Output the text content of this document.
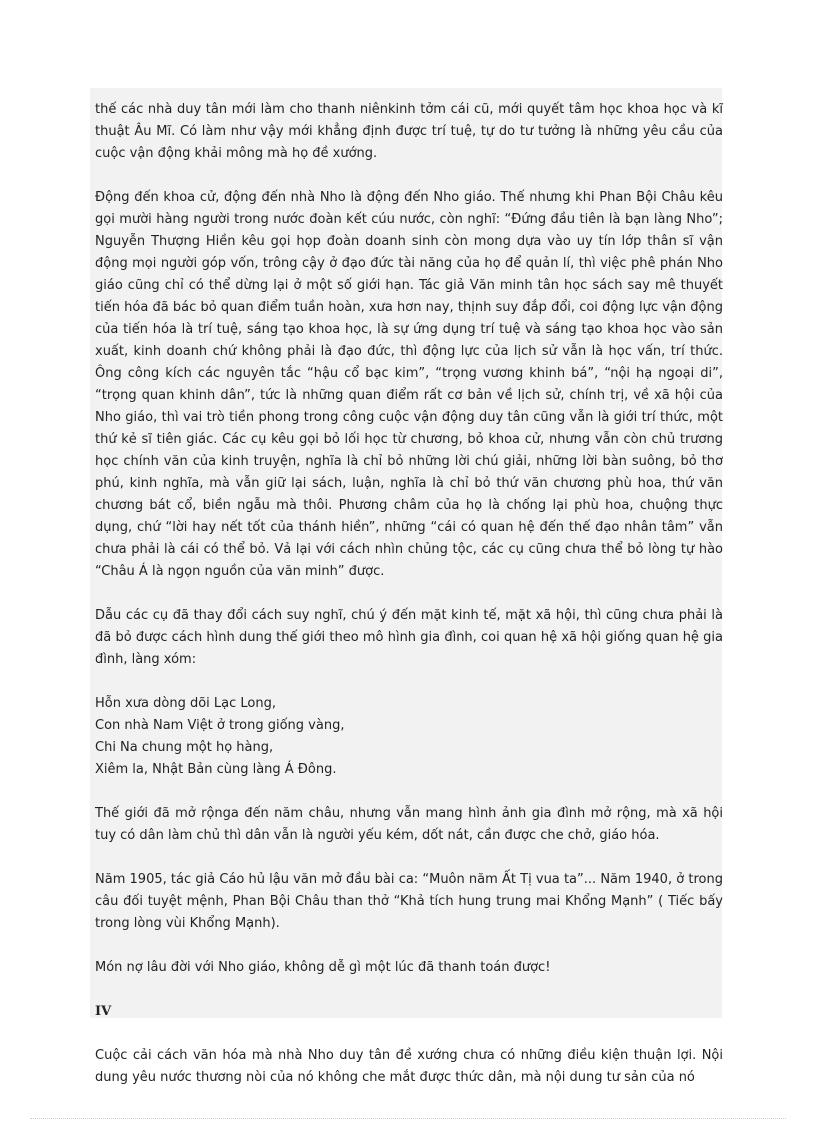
thế các nhà duy tân mới làm cho thanh niênkinh tởm cái cũ, mới quyết tâm học khoa học và kĩ thuật Âu Mĩ. Có làm như vậy mới khẳng định được trí tuệ, tự do tư tưởng là những yêu cầu của cuộc vận động khải mông mà họ đề xướng.

Động đến khoa cử, động đến nhà Nho là động đến Nho giáo. Thế nhưng khi Phan Bội Châu kêu gọi mười hàng người trong nước đoàn kết cúu nước, còn nghĩ: “Đứng đầu tiên là bạn làng Nho”; Nguyễn Thượng Hiền kêu gọi họp đoàn doanh sinh còn mong dựa vào uy tín lớp thân sĩ vận động mọi người góp vốn, trông cậy ở đạo đức tài năng của họ để quản lí, thì việc phê phán Nho giáo cũng chỉ có thể dừng lại ở một số giới hạn. Tác giả Văn minh tân học sách say mê thuyết tiến hóa đã bác bỏ quan điểm tuần hoàn, xưa hơn nay, thịnh suy đắp đổi, coi động lực vận động của tiến hóa là trí tuệ, sáng tạo khoa học, là sự ứng dụng trí tuệ và sáng tạo khoa học vào sản xuất, kinh doanh chứ không phải là đạo đức, thì động lực của lịch sử vẫn là học vấn, trí thức. Ông công kích các nguyên tắc “hậu cổ bạc kim”, “trọng vương khinh bá”, “nội hạ ngoại di”, “trọng quan khinh dân”, tức là những quan điểm rất cơ bản về lịch sử, chính trị, về xã hội của Nho giáo, thì vai trò tiền phong trong công cuộc vận động duy tân cũng vẫn là giới trí thức, một thứ kẻ sĩ tiên giác. Các cụ kêu gọi bỏ lối học từ chương, bỏ khoa cử, nhưng vẫn còn chủ trương học chính văn của kinh truyện, nghĩa là chỉ bỏ những lời chú giải, những lời bàn suông, bỏ thơ phú, kinh nghĩa, mà vẫn giữ lại sách, luận, nghĩa là chỉ bỏ thứ văn chương phù hoa, thứ văn chương bát cổ, biền ngẫu mà thôi. Phương châm của họ là chống lại phù hoa, chuộng thực dụng, chứ “lời hay nết tốt của thánh hiền”, những “cái có quan hệ đến thế đạo nhân tâm” vẫn chưa phải là cái có thể bỏ. Vả lại với cách nhìn chủng tộc, các cụ cũng chưa thể bỏ lòng tự hào “Châu Á là ngọn nguồn của văn minh” được.

Dẫu các cụ đã thay đổi cách suy nghĩ, chú ý đến mặt kinh tế, mặt xã hội, thì cũng chưa phải là đã bỏ được cách hình dung thế giới theo mô hình gia đình, coi quan hệ xã hội giống quan hệ gia đình, làng xóm:

Hỗn xưa dòng dõi Lạc Long,
Con nhà Nam Việt ở trong giống vàng,
Chi Na chung một họ hàng,
Xiêm la, Nhật Bản cùng làng Á Đông.

Thế giới đã mở rộnga đến năm châu, nhưng vẫn mang hình ảnh gia đình mở rộng, mà xã hội tuy có dân làm chủ thì dân vẫn là người yếu kém, dốt nát, cần được che chở, giáo hóa.

Năm 1905, tác giả Cáo hủ lậu văn mở đầu bài ca: “Muôn năm Ất Tị vua ta”... Năm 1940, ở trong câu đối tuyệt mệnh, Phan Bội Châu than thở “Khả tích hung trung mai Khổng Mạnh” ( Tiếc bấy trong lòng vùi Khổng Mạnh).

Món nợ lâu đời với Nho giáo, không dễ gì một lúc đã thanh toán được!

IV

Cuộc cải cách văn hóa mà nhà Nho duy tân đề xướng chưa có những điều kiện thuận lợi. Nội dung yêu nước thương nòi của nó không che mắt được thức dân, mà nội dung tư sản của nó
